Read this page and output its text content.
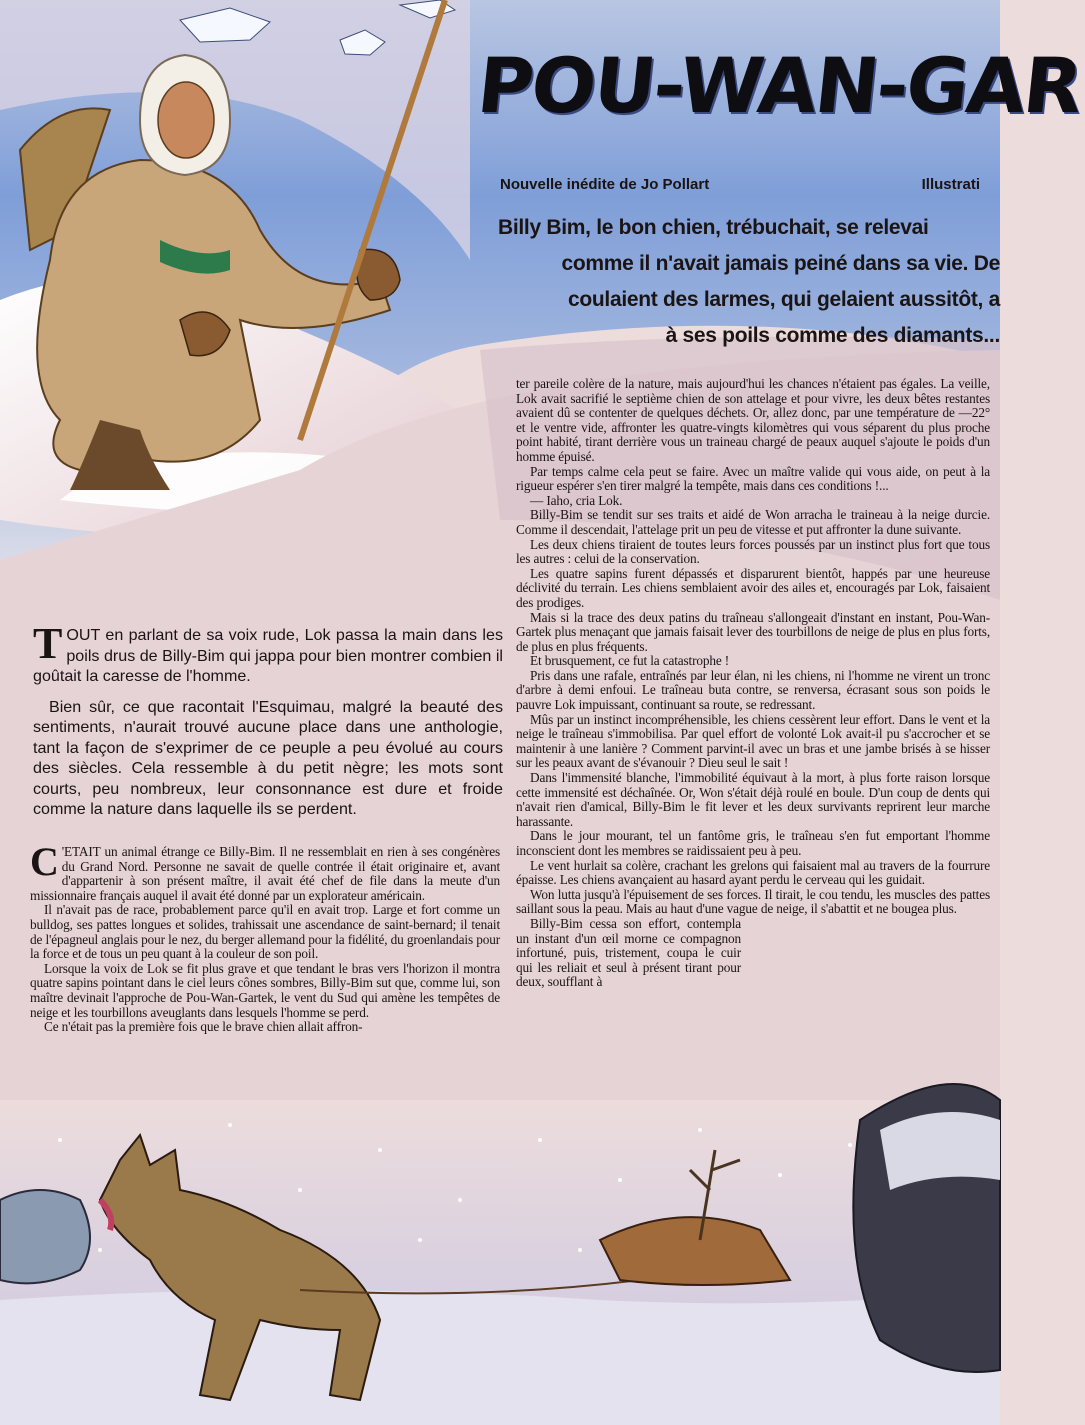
POU-WAN-GAR
Nouvelle inédite de Jo Pollart	Illustrati
Billy Bim, le bon chien, trébuchait, se relevai
comme il n'avait jamais peiné dans sa vie. De
coulaient des larmes, qui gelaient aussitôt, a
à ses poils comme des diamants...

TOUT en parlant de sa voix rude, Lok passa la main dans les poils drus de Billy-Bim qui jappa pour bien montrer combien il goûtait la caresse de l'homme.

Bien sûr, ce que racontait l'Esquimau, malgré la beauté des sentiments, n'aurait trouvé aucune place dans une anthologie, tant la façon de s'exprimer de ce peuple a peu évolué au cours des siècles. Cela ressemble à du petit nègre; les mots sont courts, peu nombreux, leur consonnance est dure et froide comme la nature dans laquelle ils se perdent.

C 'ETAIT un animal étrange ce Billy-Bim. Il ne ressemblait en rien à ses congénères du Grand Nord. Personne ne savait de quelle contrée il était originaire et, avant d'appartenir à son présent maître, il avait été chef de file dans la meute d'un missionnaire français auquel il avait été donné par un explorateur américain.

Il n'avait pas de race, probablement parce qu'il en avait trop. Large et fort comme un bulldog, ses pattes longues et solides, trahissait une ascendance de saint-bernard; il tenait de l'épagneul anglais pour le nez, du berger allemand pour la fidélité, du groenlandais pour la force et de tous un peu quant à la couleur de son poil.

Lorsque la voix de Lok se fit plus grave et que tendant le bras vers l'horizon il montra quatre sapins pointant dans le ciel leurs cônes sombres, Billy-Bim sut que, comme lui, son maître devinait l'approche de Pou-Wan-Gartek, le vent du Sud qui amène les tempêtes de neige et les tourbillons aveuglants dans lesquels l'homme se perd.

Ce n'était pas la première fois que le brave chien allait affron-

ter pareile colère de la nature, mais aujourd'hui les chances n'étaient pas égales. La veille, Lok avait sacrifié le septième chien de son attelage et pour vivre, les deux bêtes restantes avaient dû se contenter de quelques déchets. Or, allez donc, par une température de —22° et le ventre vide, affronter les quatre-vingts kilomètres qui vous séparent du plus proche point habité, tirant derrière vous un traineau chargé de peaux auquel s'ajoute le poids d'un homme épuisé.

Par temps calme cela peut se faire. Avec un maître valide qui vous aide, on peut à la rigueur espérer s'en tirer malgré la tempête, mais dans ces conditions !...

— Iaho, cria Lok.

Billy-Bim se tendit sur ses traits et aidé de Won arracha le traineau à la neige durcie. Comme il descendait, l'attelage prit un peu de vitesse et put affronter la dune suivante.

Les deux chiens tiraient de toutes leurs forces poussés par un instinct plus fort que tous les autres : celui de la conservation.

Les quatre sapins furent dépassés et disparurent bientôt, happés par une heureuse déclivité du terrain. Les chiens semblaient avoir des ailes et, encouragés par Lok, faisaient des prodiges.

Mais si la trace des deux patins du traîneau s'allongeait d'instant en instant, Pou-Wan-Gartek plus menaçant que jamais faisait lever des tourbillons de neige de plus en plus forts, de plus en plus fréquents.

Et brusquement, ce fut la catastrophe !

Pris dans une rafale, entraînés par leur élan, ni les chiens, ni l'homme ne virent un tronc d'arbre à demi enfoui. Le traîneau buta contre, se renversa, écrasant sous son poids le pauvre Lok impuissant, continuant sa route, se redressant.

Mûs par un instinct incompréhensible, les chiens cessèrent leur effort. Dans le vent et la neige le traîneau s'immobilisa. Par quel effort de volonté Lok avait-il pu s'accrocher et se maintenir à une lanière ? Comment parvint-il avec un bras et une jambe brisés à se hisser sur les peaux avant de s'évanouir ? Dieu seul le sait !

Dans l'immensité blanche, l'immobilité équivaut à la mort, à plus forte raison lorsque cette immensité est déchaînée. Or, Won s'était déjà roulé en boule. D'un coup de dents qui n'avait rien d'amical, Billy-Bim le fit lever et les deux survivants reprirent leur marche harassante.

Dans le jour mourant, tel un fantôme gris, le traîneau s'en fut emportant l'homme inconscient dont les membres se raidissaient peu à peu.

Le vent hurlait sa colère, crachant les grelons qui faisaient mal au travers de la fourrure épaisse. Les chiens avançaient au hasard ayant perdu le cerveau qui les guidait.

Won lutta jusqu'à l'épuisement de ses forces. Il tirait, le cou tendu, les muscles des pattes saillant sous la peau. Mais au haut d'une vague de neige, il s'abattit et ne bougea plus.

Billy-Bim cessa son effort, contempla un instant d'un œil morne ce compagnon infortuné, puis, tristement, coupa le cuir qui les reliait et seul à présent tirant pour deux, soufflant à
